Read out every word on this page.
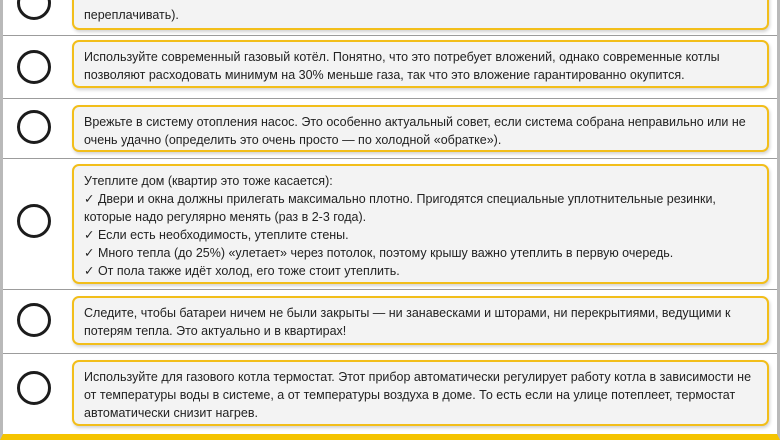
переплачивать).

Используйте современный газовый котёл. Понятно, что это потребует вложений, однако современные котлы позволяют расходовать минимум на 30% меньше газа, так что это вложение гарантированно окупится.

Врежьте в систему отопления насос. Это особенно актуальный совет, если система собрана неправильно или не очень удачно (определить это очень просто — по холодной «обратке»).

Утеплите дом (квартир это тоже касается):

✓ Двери и окна должны прилегать максимально плотно. Пригодятся специальные уплотнительные резинки, которые надо регулярно менять (раз в 2-3 года).

✓ Если есть необходимость, утеплите стены.

✓ Много тепла (до 25%) «улетает» через потолок, поэтому крышу важно утеплить в первую очередь.

✓ От пола также идёт холод, его тоже стоит утеплить.

Следите, чтобы батареи ничем не были закрыты — ни занавесками и шторами, ни перекрытиями, ведущими к потерям тепла. Это актуально и в квартирах!

Используйте для газового котла термостат. Этот прибор автоматически регулирует работу котла в зависимости не от температуры воды в системе, а от температуры воздуха в доме. То есть если на улице потеплеет, термостат автоматически снизит нагрев.
